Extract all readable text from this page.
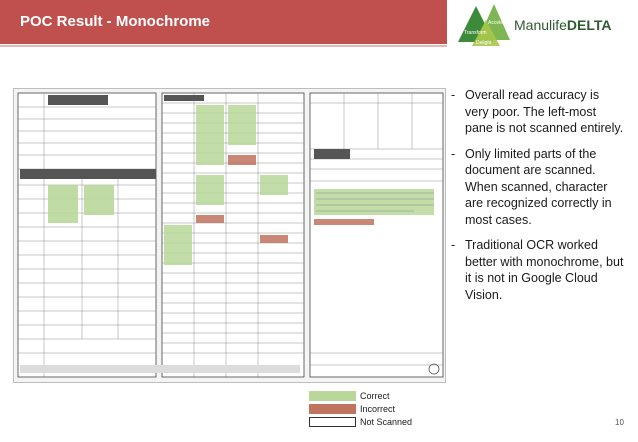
POC Result - Monochrome
Transform
Accelerate
Delight
ManulifeDELTA
- Overall read accuracy is very poor. The left-most pane is not scanned entirely.
- Only limited parts of the document are scanned. When scanned, character are recognized correctly in most cases.
- Traditional OCR worked better with monochrome, but it is not in Google Cloud Vision.
Correct
Incorrect
Not Scanned	10
